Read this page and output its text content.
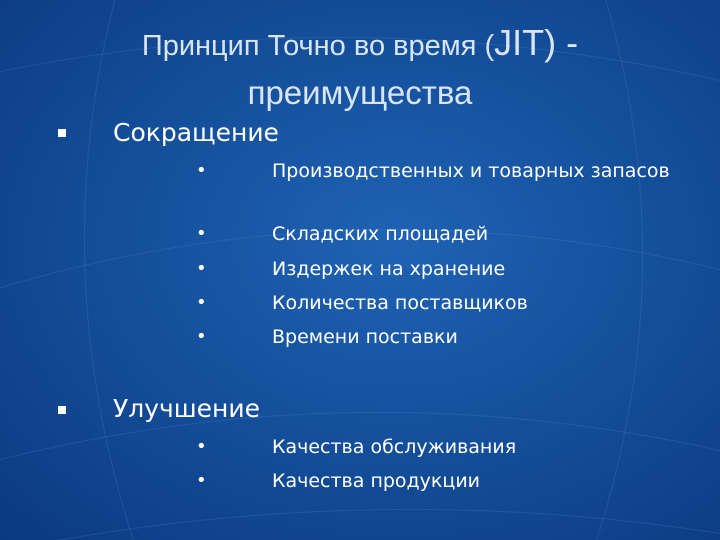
Принцип Точно во время (JIT) -
преимущества
Сокращение
•	Производственных и товарных запасов
•	Складских площадей
•	Издержек на хранение
•	Количества поставщиков
•	Времени поставки
Улучшение
•	Качества обслуживания
•	Качества продукции
